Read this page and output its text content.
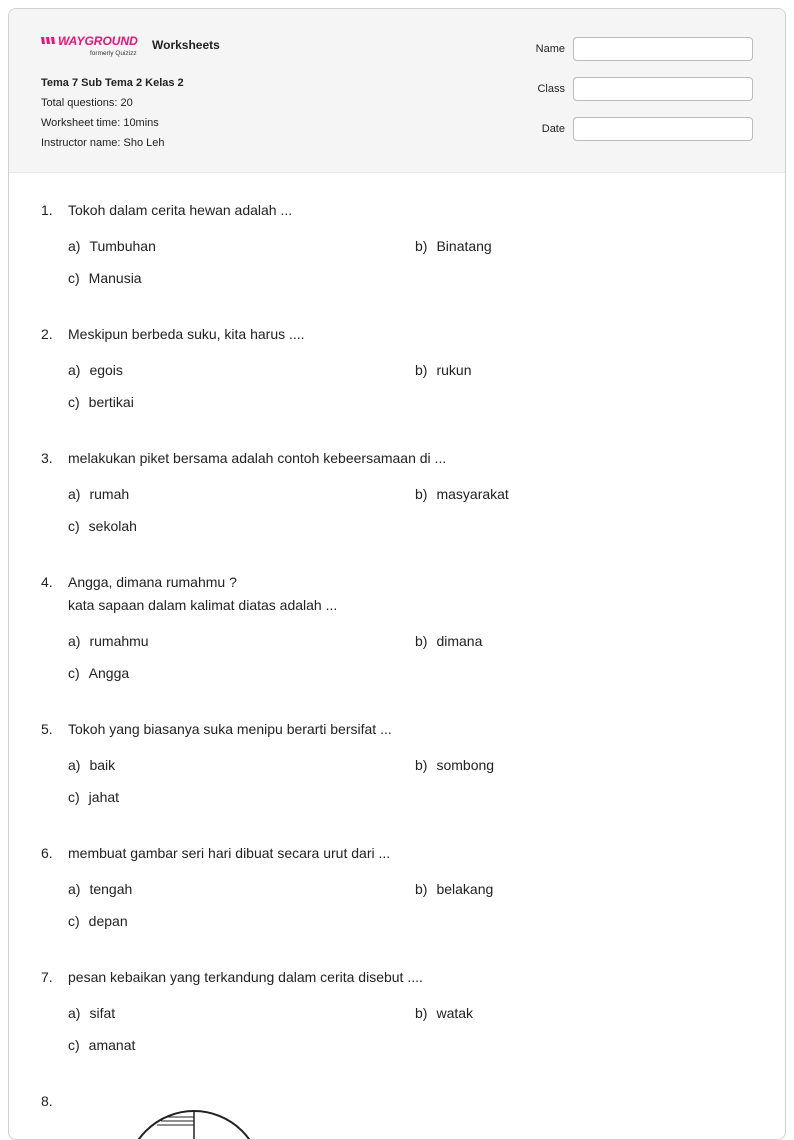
WAYGROUND
formerly Quizizz
Worksheets
Tema 7 Sub Tema 2 Kelas 2
Total questions: 20
Worksheet time: 10mins
Instructor name: Sho Leh
Name
Class
Date
1.	Tokoh dalam cerita hewan adalah ...
a) Tumbuhan	b) Binatang
c) Manusia
2.	Meskipun berbeda suku, kita harus ....
a) egois	b) rukun
c) bertikai
3.	melakukan piket bersama adalah contoh kebeersamaan di ...
a) rumah	b) masyarakat
c) sekolah
4.	Angga, dimana rumahmu ?
kata sapaan dalam kalimat diatas adalah ...
a) rumahmu	b) dimana
c) Angga
5.	Tokoh yang biasanya suka menipu berarti bersifat ...
a) baik	b) sombong
c) jahat
6.	membuat gambar seri hari dibuat secara urut dari ...
a) tengah	b) belakang
c) depan
7.	pesan kebaikan yang terkandung dalam cerita disebut ....
a) sifat	b) watak
c) amanat
8.
